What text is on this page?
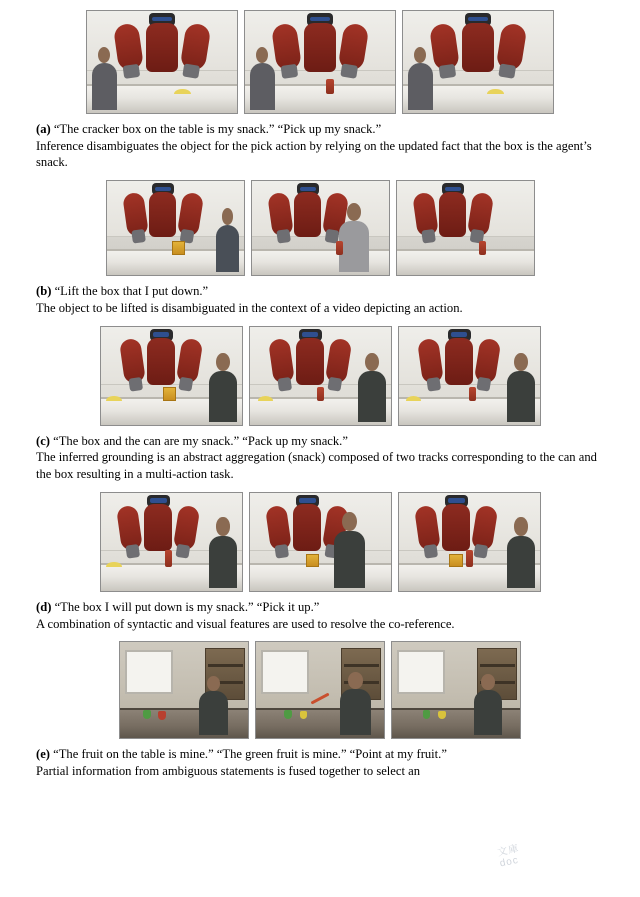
(a) “The cracker box on the table is my snack.” “Pick up my snack.”
Inference disambiguates the object for the pick action by relying on the updated fact that the box is the agent’s snack.
(b) “Lift the box that I put down.”
The object to be lifted is disambiguated in the context of a video depicting an action.
(c) “The box and the can are my snack.” “Pack up my snack.”
The inferred grounding is an abstract aggregation (snack) composed of two tracks corresponding to the can and the box resulting in a multi-action task.
(d) “The box I will put down is my snack.” “Pick it up.”
A combination of syntactic and visual features are used to resolve the co-reference.
(e) “The fruit on the table is mine.” “The green fruit is mine.” “Point at my fruit.”
Partial information from ambiguous statements is fused together to select an
文庫
doc
